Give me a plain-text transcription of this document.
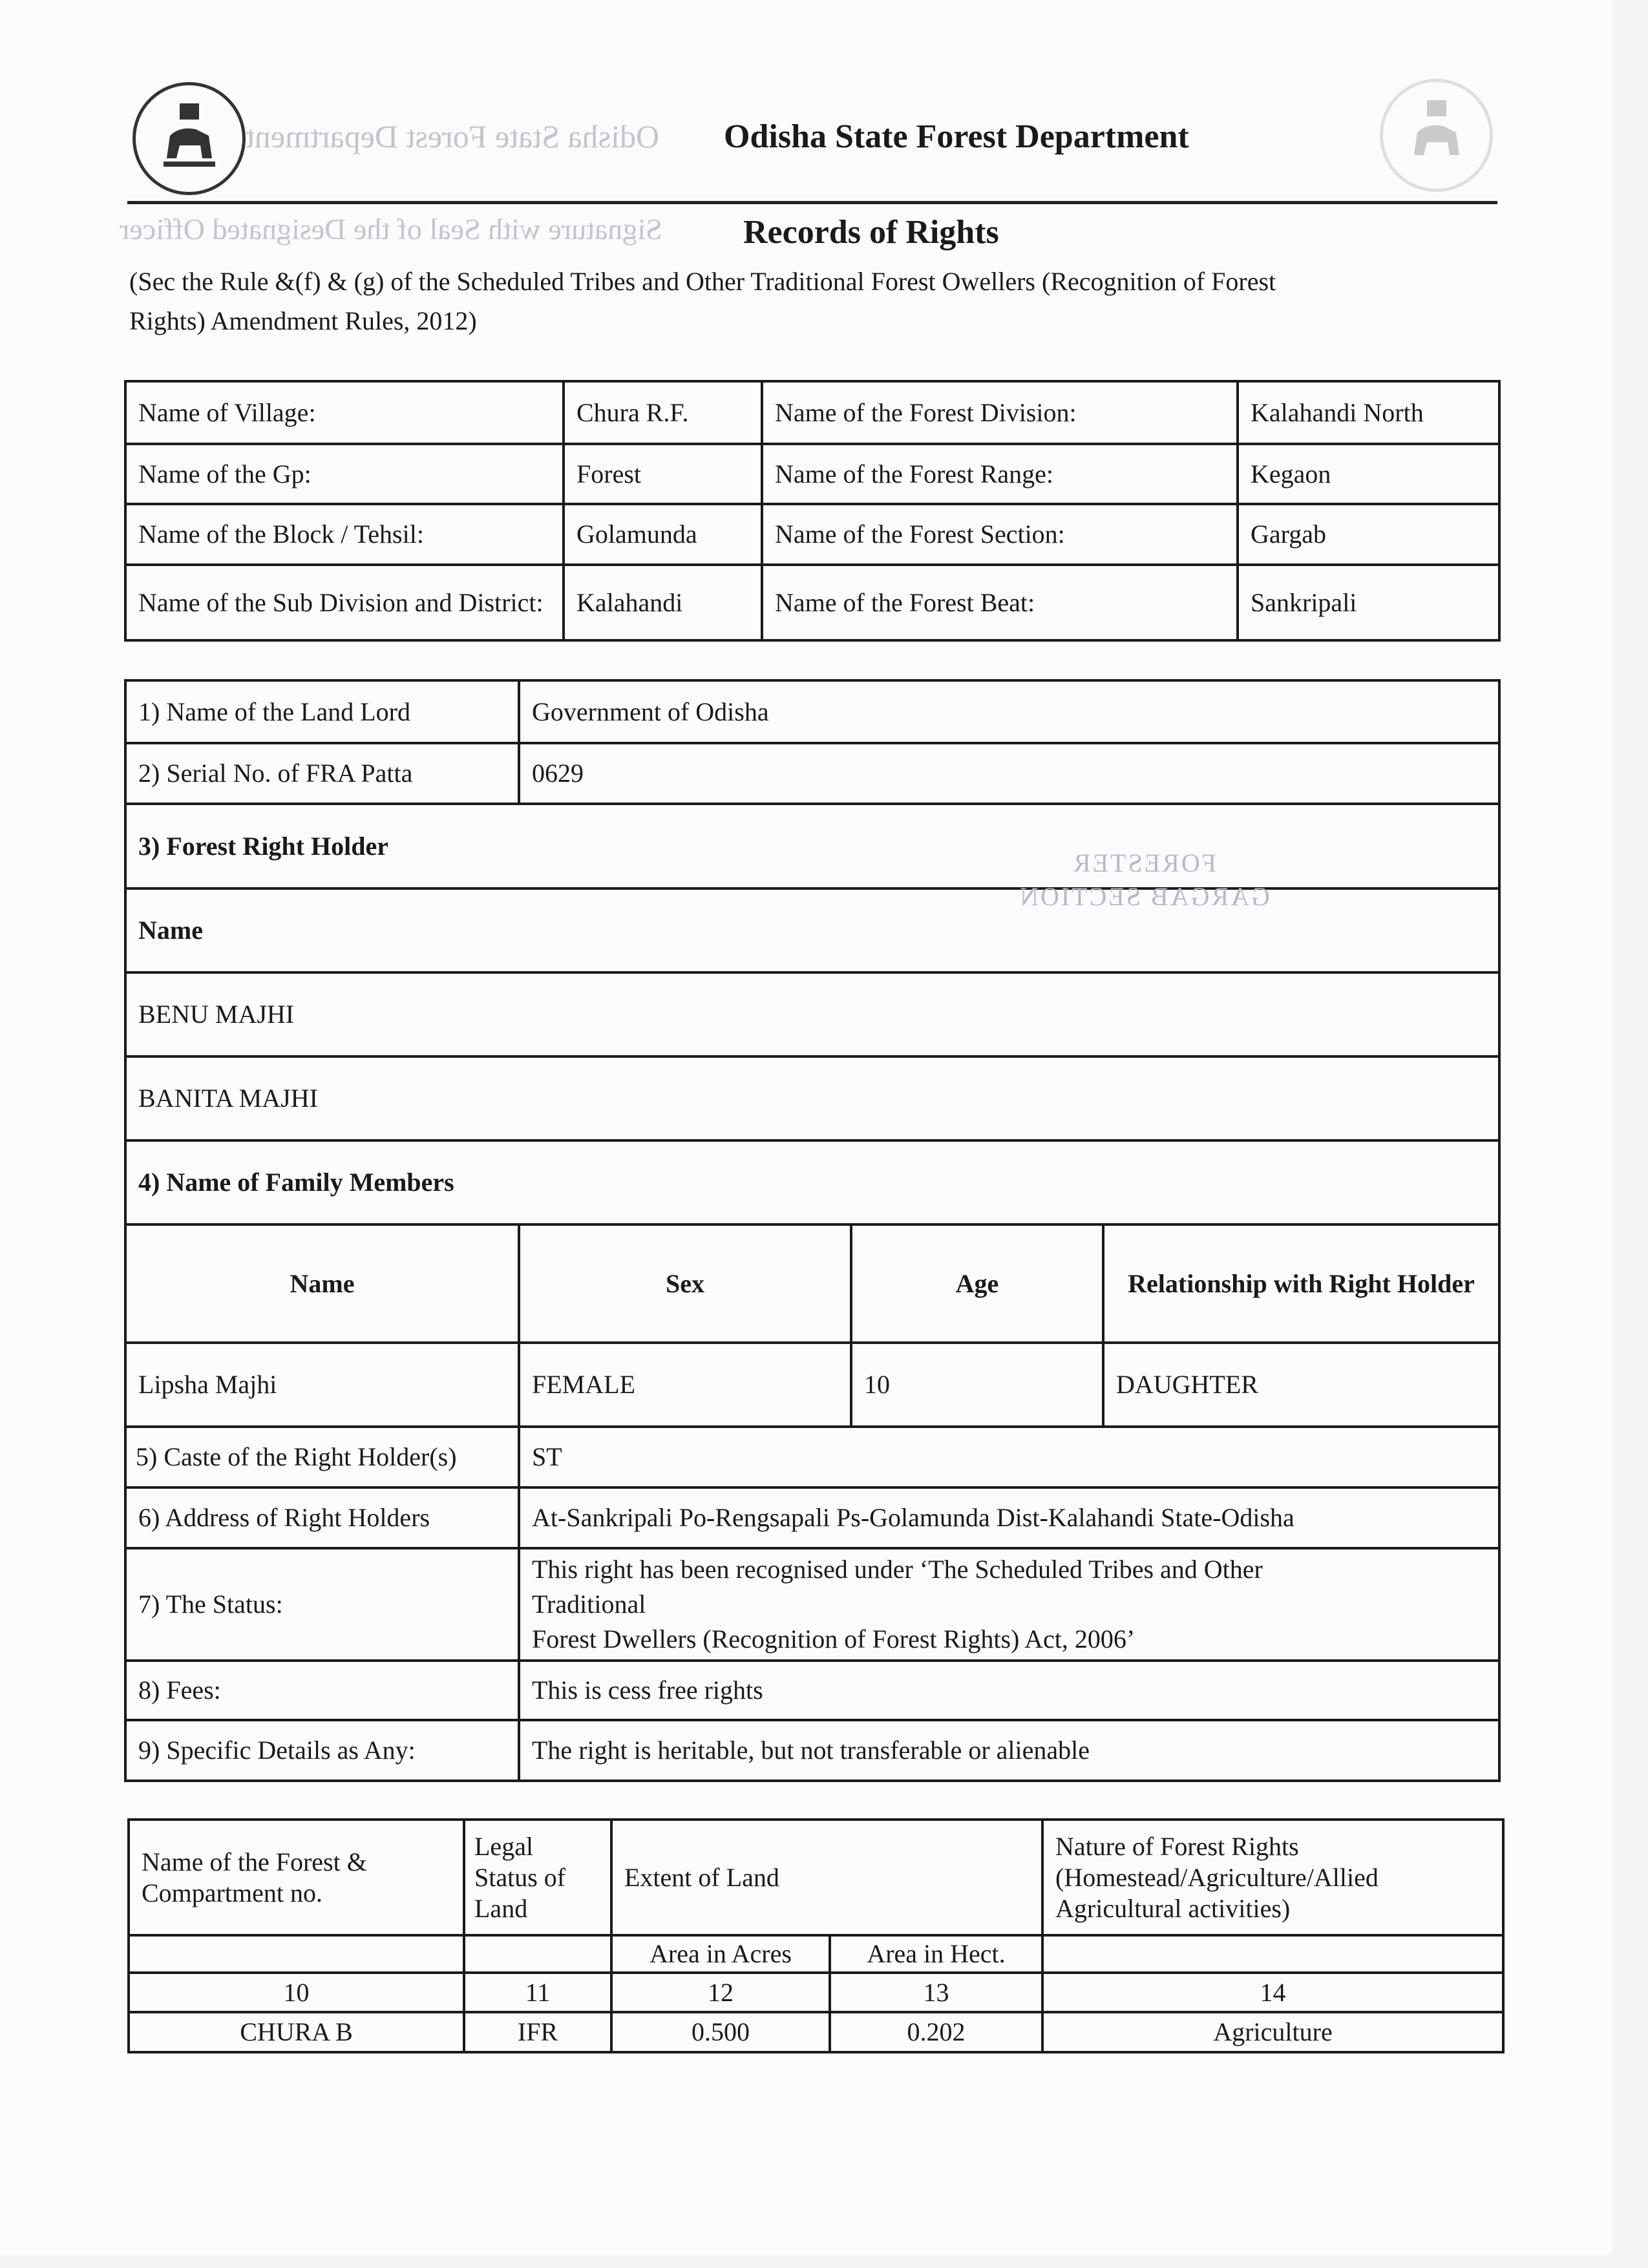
Odisha State Forest Department Odisha State Forest Department
Signature with Seal of the Designated Officer Records of Rights
(Sec the Rule &(f) & (g) of the Scheduled Tribes and Other Traditional Forest Owellers (Recognition of Forest
Rights) Amendment Rules, 2012)
Name of Village:	Chura R.F.	Name of the Forest Division:	Kalahandi North
Name of the Gp:	Forest	Name of the Forest Range:	Kegaon
Name of the Block / Tehsil:	Golamunda	Name of the Forest Section:	Gargab
Name of the Sub Division and District:	Kalahandi	Name of the Forest Beat:	Sankripali
1) Name of the Land Lord	Government of Odisha		
2) Serial No. of FRA Patta	0629		
3) Forest Right Holder			
Name			
BENU MAJHI			
BANITA MAJHI			
4) Name of Family Members			
Name	Sex	Age	Relationship with Right Holder
Lipsha Majhi	FEMALE	10	DAUGHTER
5) Caste of the Right Holder(s)	ST		
6) Address of Right Holders	At-Sankripali Po-Rengsapali Ps-Golamunda Dist-Kalahandi State-Odisha		
7) The Status:	This right has been recognised under ‘The Scheduled Tribes and Other
Traditional
Forest Dwellers (Recognition of Forest Rights) Act, 2006’		

8) Fees:	This is cess free rights		
9) Specific Details as Any:	The right is heritable, but not transferable or alienable		
FORESTER
GARGAB SECTION
Name of the Forest & Compartment no.	Legal Status of Land	Extent of Land		Nature of Forest Rights (Homestead/Agriculture/Allied Agricultural activities)
		Area in Acres	Area in Hect.	
10	11	12	13	14
CHURA B	IFR	0.500	0.202	Agriculture
